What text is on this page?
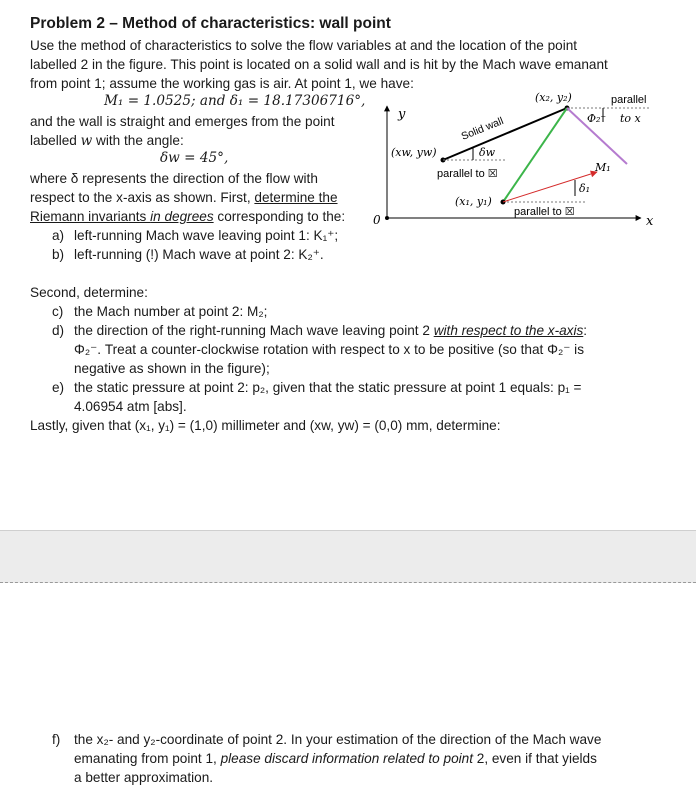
Problem 2 – Method of characteristics: wall point
Use the method of characteristics to solve the flow variables at and the location of the point
labelled 2 in the figure. This point is located on a solid wall and is hit by the Mach wave emanant
from point 1; assume the working gas is air. At point 1, we have:
M₁ = 1.0525; and δ₁ = 18.17306716°,
and the wall is straight and emerges from the point
labelled w with the angle:
δw = 45°,
where δ represents the direction of the flow with
respect to the x-axis as shown. First, determine the
Riemann invariants in degrees corresponding to the:
a) left-running Mach wave leaving point 1: K₁⁺;
b) left-running (!) Mach wave at point 2: K₂⁺.
y
x
0
Solid wall
δw
M₁
δ₁
(x₂, y₂)	parallel
Φ₂⁻ to x
(xw, yw)
parallel to ☒
(x₁, y₁)
parallel to ☒
Second, determine:
c) the Mach number at point 2: M₂;
d) the direction of the right-running Mach wave leaving point 2 with respect to the x-axis:
Φ₂⁻. Treat a counter-clockwise rotation with respect to x to be positive (so that Φ₂⁻ is
negative as shown in the figure);
e) the static pressure at point 2: p₂, given that the static pressure at point 1 equals: p₁ =
4.06954 atm [abs].
Lastly, given that (x₁, y₁) = (1,0) millimeter and (xw, yw) = (0,0) mm, determine:
f) the x₂- and y₂-coordinate of point 2. In your estimation of the direction of the Mach wave
emanating from point 1, please discard information related to point 2, even if that yields
a better approximation.
